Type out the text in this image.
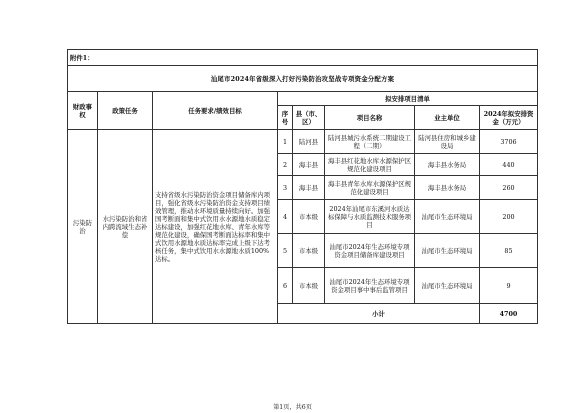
附件1：							
汕尾市2024年省级深入打好污染防治攻坚战专项资金分配方案							
财政事权	政策任务	任务要求/绩效目标	拟安排项目清单				
			序号	县（市、区）	项目名称	业主单位	2024年拟安排资金（万元）
污染防治	水污染防治和省内跨流域生态补偿	支持省级水污染防治资金项目储备库内项目，强化省级水污染防治资金支持项目绩效管理，推动水环境质量持续向好。加强国考断面和集中式饮用水水源地水质稳定达标建设，加强红花地水库、青年水库等规范化建设，确保国考断面达标率和集中式饮用水源地水质达标率完成上级下达考核任务，集中式饮用水水源地水质100%达标。	1	陆河县	陆河县城污水系统二期建设工程（二期）	陆河县住房和城乡建设局	3706
			2	海丰县	海丰县红花地水库水源保护区规范化建设项目	海丰县水务局	440
			3	海丰县	海丰县青年水库水源保护区规范化建设项目	海丰县水务局	260
			4	市本级	2024年汕尾市东溪河水质达标保障与水质监测技术服务项目	汕尾市生态环境局	200
			5	市本级	汕尾市2024年生态环境专项资金项目储备库建设项目	汕尾市生态环境局	85
			6	市本级	汕尾市2024年生态环境专项资金项目事中事后监管项目	汕尾市生态环境局	9
			小计				4700
第1页，共6页
